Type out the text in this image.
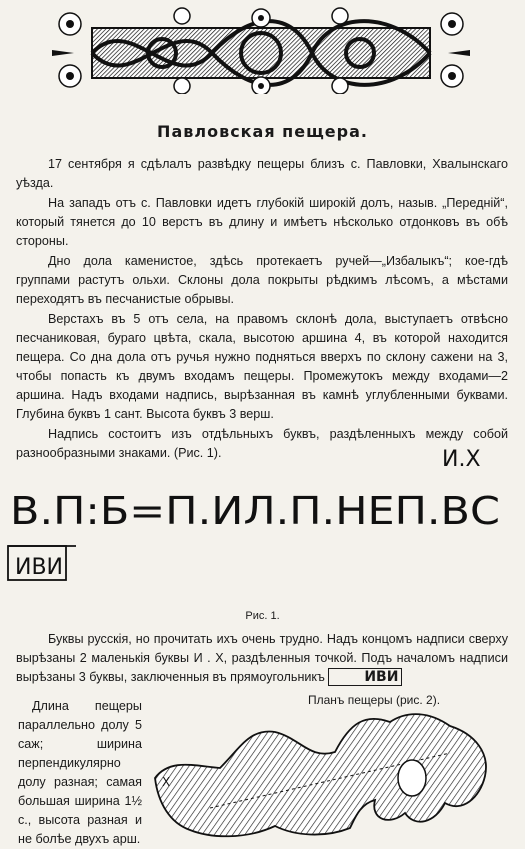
Павловская пещера.

17 сентября я сдѣлалъ развѣдку пещеры близъ с. Павловки, Хвалынскаго уѣзда.

На западъ отъ с. Павловки идетъ глубокій широкій долъ, назыв. „Передній“, который тянется до 10 верстъ въ длину и имѣетъ нѣсколько отдонковъ въ обѣ стороны.

Дно дола каменистое, здѣсь протекаетъ ручей—„Избалыкъ“; кое-гдѣ группами растутъ ольхи. Склоны дола покрыты рѣдкимъ лѣсомъ, а мѣстами переходятъ въ песчанистые обрывы.

Верстахъ въ 5 отъ села, на правомъ склонѣ дола, выступаетъ отвѣсно песчаниковая, бураго цвѣта, скала, высотою аршина 4, въ которой находится пещера. Со дна дола отъ ручья нужно подняться вверхъ по склону сажени на 3, чтобы попасть къ двумъ входамъ пещеры. Промежутокъ между входами—2 аршина. Надъ входами надпись, вырѣзанная въ камнѣ углубленными буквами. Глубина буквъ 1 сант. Высота буквъ 3 верш.

Надпись состоитъ изъ отдѣльныхъ буквъ, раздѣленныхъ между собой разнообразными знаками. (Рис. 1).	И.Х
В.П:Б=П.ИЛ.П.НЕП.ВС
ИВИ
Рис. 1.

Буквы русскія, но прочитать ихъ очень трудно. Надъ концомъ надписи сверху вырѣзаны 2 маленькія буквы И . Х, раздѣленныя точкой. Подъ началомъ надписи вырѣзаны 3 буквы, заключенныя въ прямоугольникъ	ИВИ

Длина пещеры параллельно долу 5 саж; ширина перпендикулярно долу разная; самая большая ширина 1½ с., высота разная и не болѣе двухъ арш.

Планъ пещеры (рис. 2).
X
